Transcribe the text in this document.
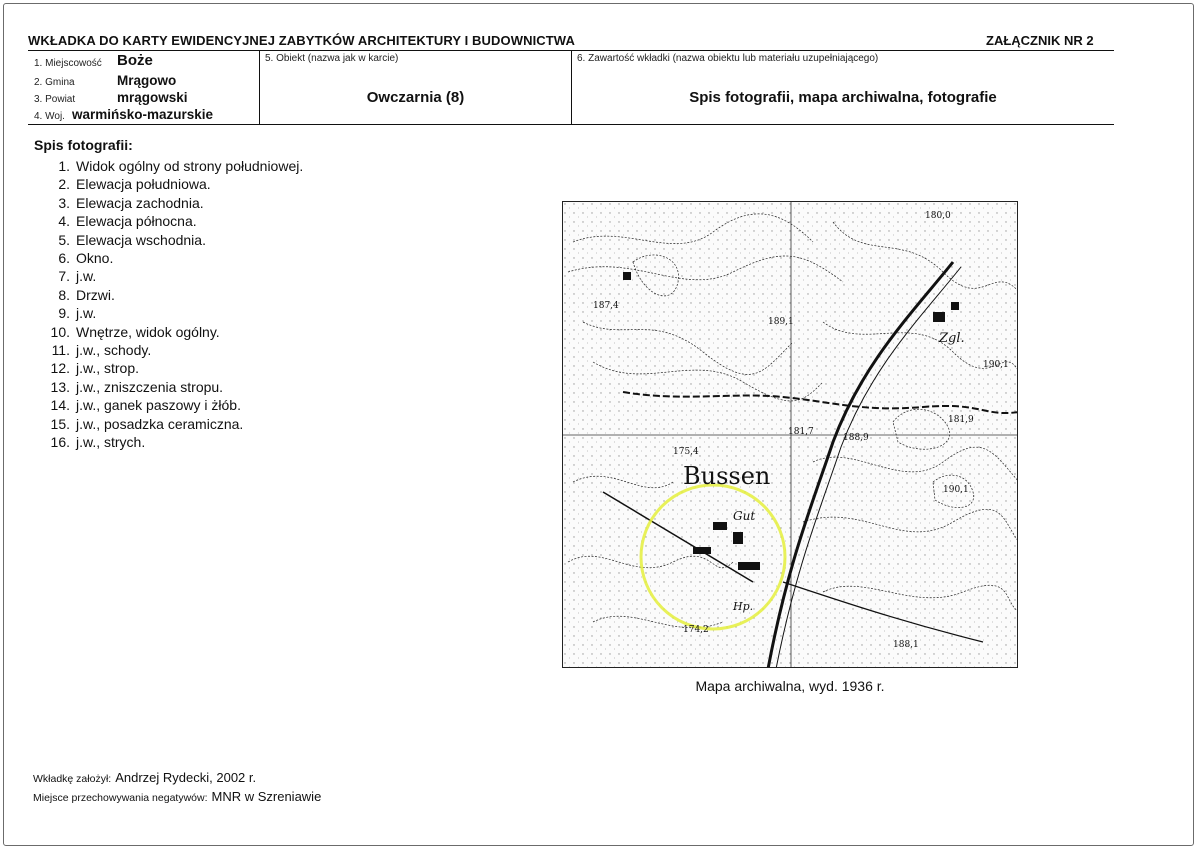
WKŁADKA DO KARTY EWIDENCYJNEJ ZABYTKÓW ARCHITEKTURY I BUDOWNICTWA	ZAŁĄCZNIK NR 2
1. Miejscowość Boże
2. Gmina	Mrągowo
3. Powiat	mrągowski
4. Woj. warmińsko-mazurskie
5. Obiekt (nazwa jak w karcie)
Owczarnia (8)
6. Zawartość wkładki (nazwa obiektu lub materiału uzupełniającego)
Spis fotografii, mapa archiwalna, fotografie
Spis fotografii:
1. Widok ogólny od strony południowej.
2. Elewacja południowa.
3. Elewacja zachodnia.
4. Elewacja północna.
5. Elewacja wschodnia.
6. Okno.
7. j.w.
8. Drzwi.
9. j.w.
10. Wnętrze, widok ogólny.
11. j.w., schody.
12. j.w., strop.
13. j.w., zniszczenia stropu.
14. j.w., ganek paszowy i żłób.
15. j.w., posadzka ceramiczna.
16. j.w., strych.
Bussen
Gut
Zgl.
Hp.
189,1
181,7
180,0
188,9
175,4
174,2
181,9
190,1
188,1
187,4
190,1
Mapa archiwalna, wyd. 1936 r.
Wkładkę założył: Andrzej Rydecki, 2002 r.
Miejsce przechowywania negatywów: MNR w Szreniawie
